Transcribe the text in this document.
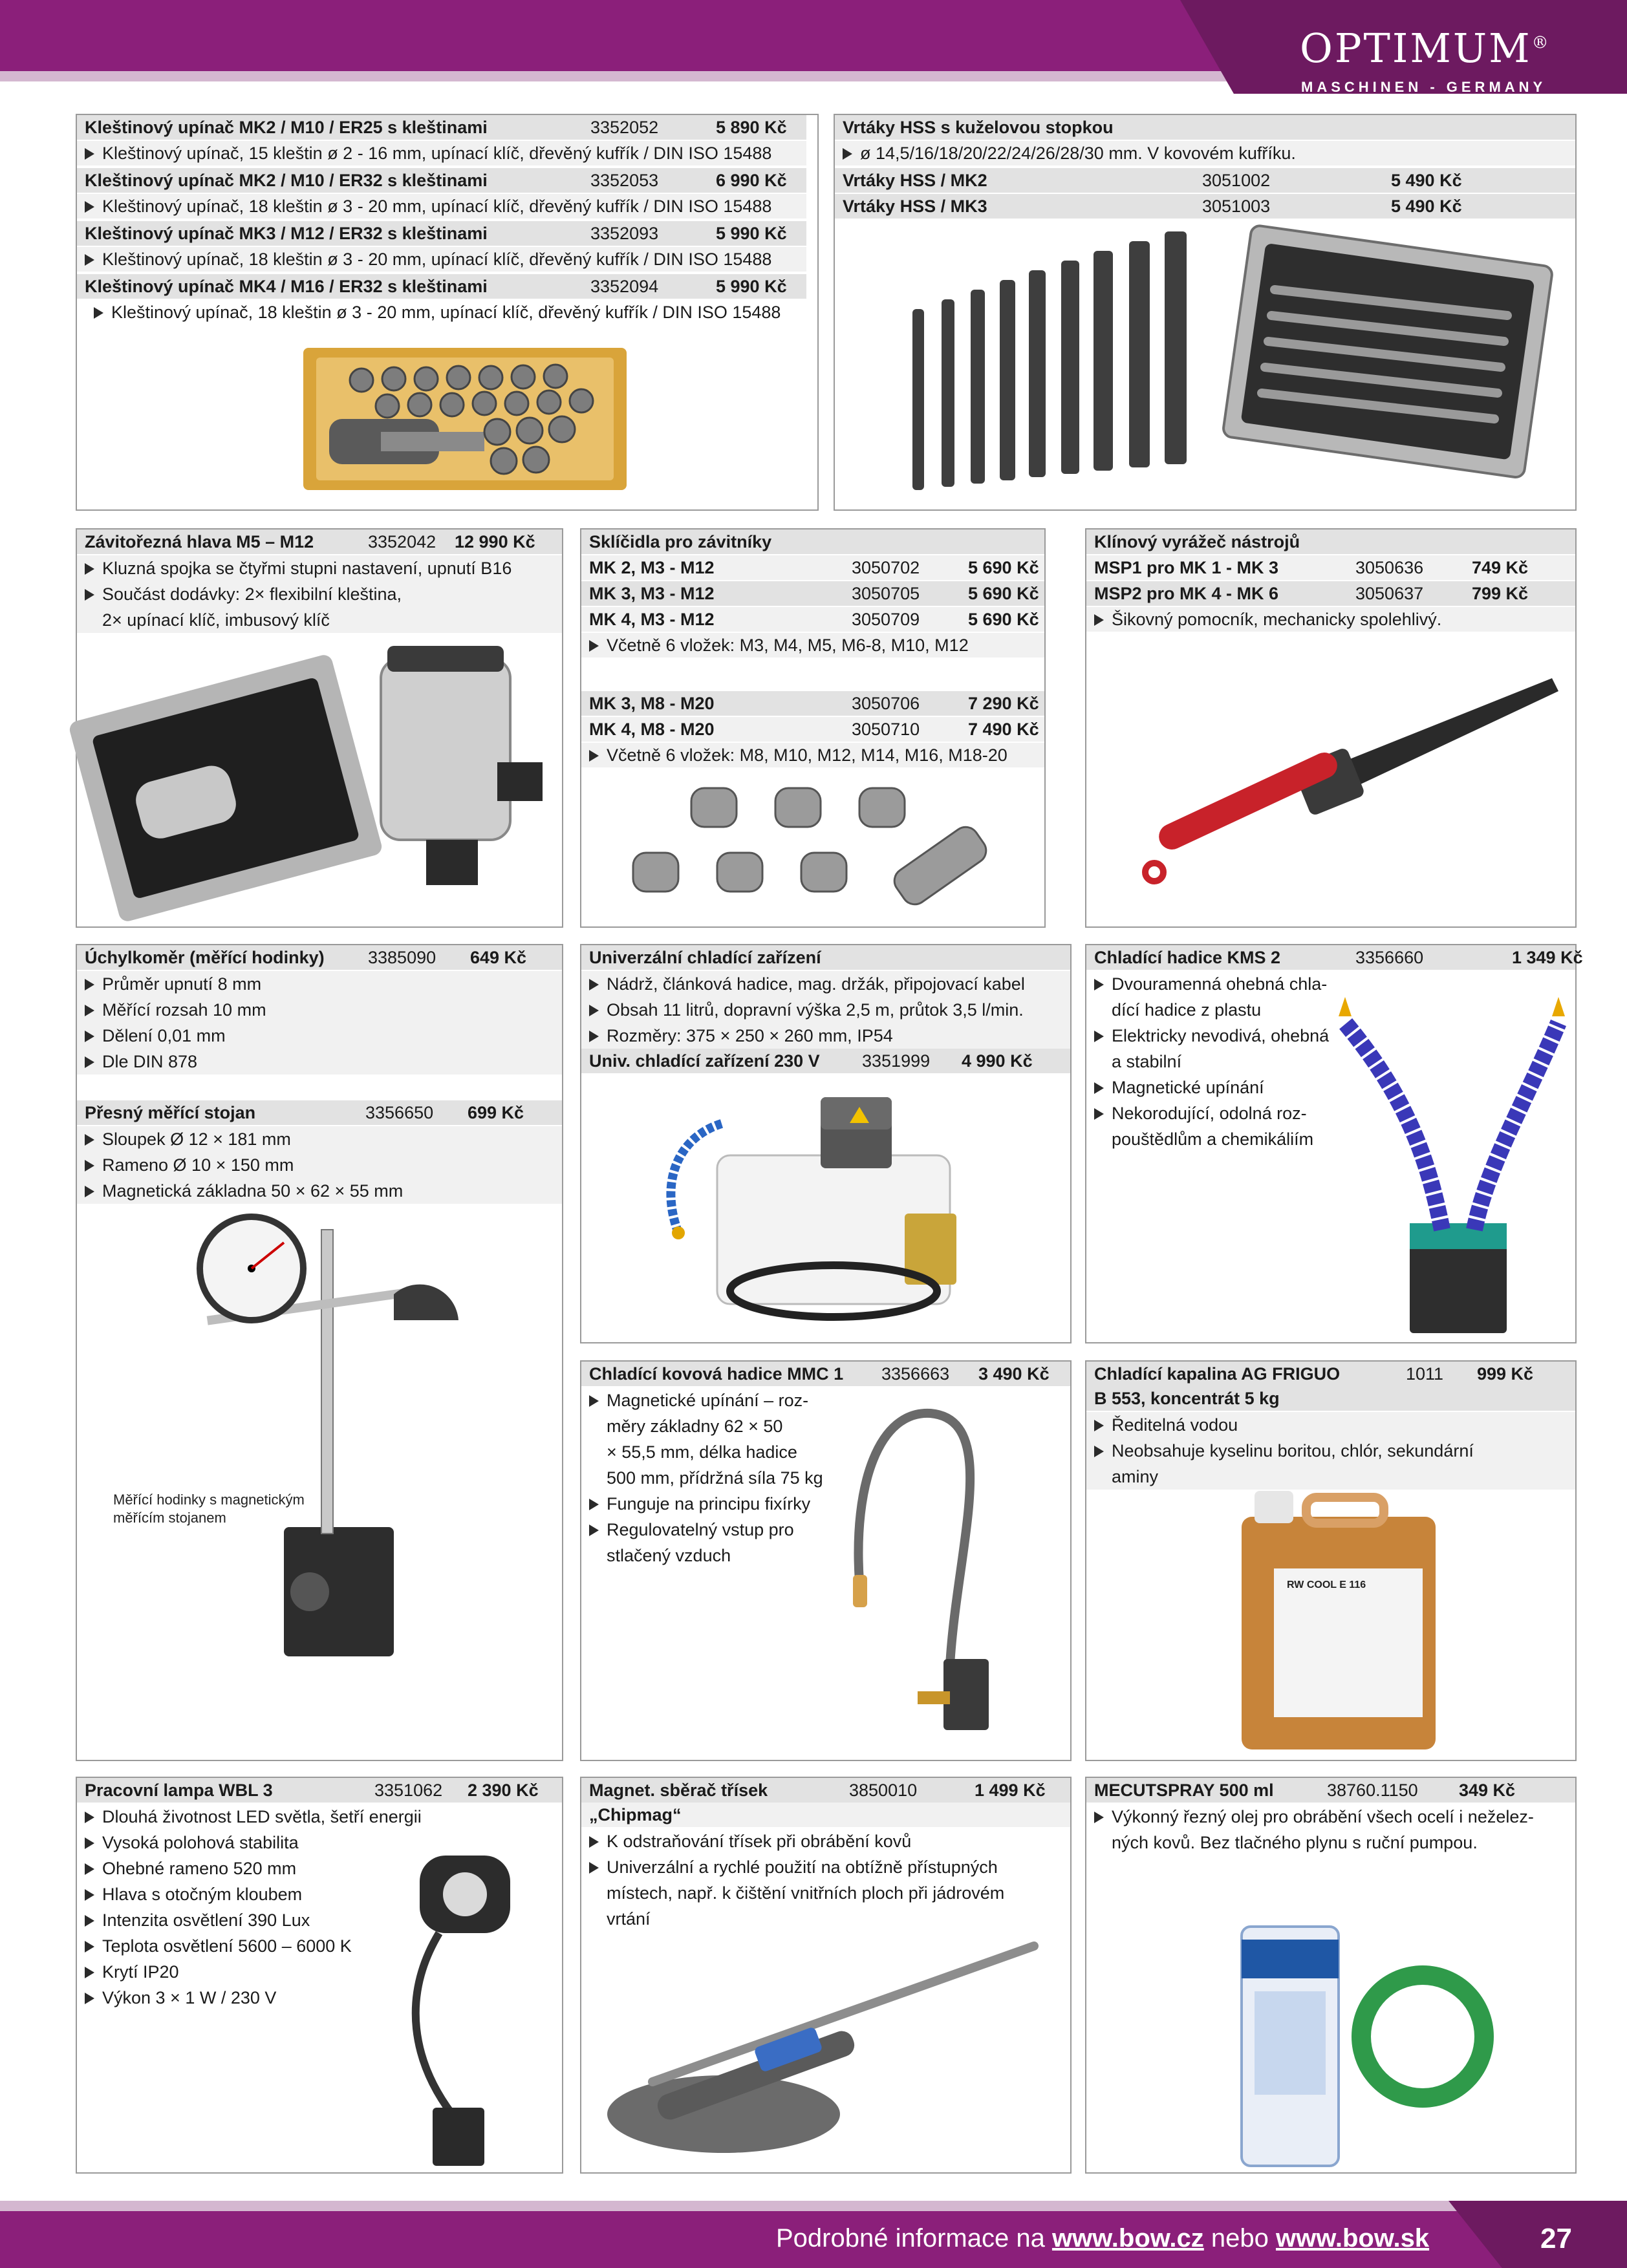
OPTIMUM®
MASCHINEN - GERMANY
Kleštinový upínač MK2 / M10 / ER25 s kleštinami	3352052	5 890 Kč
Kleštinový upínač, 15 kleštin ø 2 - 16 mm, upínací klíč, dřevěný kufřík / DIN ISO 15488
Kleštinový upínač MK2 / M10 / ER32 s kleštinami	3352053	6 990 Kč
Kleštinový upínač, 18 kleštin ø 3 - 20 mm, upínací klíč, dřevěný kufřík / DIN ISO 15488
Kleštinový upínač MK3 / M12 / ER32 s kleštinami	3352093	5 990 Kč
Kleštinový upínač, 18 kleštin ø 3 - 20 mm, upínací klíč, dřevěný kufřík / DIN ISO 15488
Kleštinový upínač MK4 / M16 / ER32 s kleštinami	3352094	5 990 Kč
Kleštinový upínač, 18 kleštin ø 3 - 20 mm, upínací klíč, dřevěný kufřík / DIN ISO 15488
Vrtáky HSS s kuželovou stopkou
ø 14,5/16/18/20/22/24/26/28/30 mm. V kovovém kufříku.
Vrtáky HSS / MK2	3051002	5 490 Kč
Vrtáky HSS / MK3	3051003	5 490 Kč
Závitořezná hlava M5 – M12	3352042 12 990 Kč
Kluzná spojka se čtyřmi stupni nastavení, upnutí B16
Součást dodávky: 2× flexibilní kleština,
2× upínací klíč, imbusový klíč
Sklíčidla pro závitníky
MK 2, M3 - M12	3050702	5 690 Kč
MK 3, M3 - M12	3050705	5 690 Kč
MK 4, M3 - M12	3050709	5 690 Kč
Včetně 6 vložek: M3, M4, M5, M6-8, M10, M12
MK 3, M8 - M20	3050706	7 290 Kč
MK 4, M8 - M20	3050710	7 490 Kč
Včetně 6 vložek: M8, M10, M12, M14, M16, M18-20
Klínový vyrážeč nástrojů
MSP1 pro MK 1 - MK 3	3050636	749 Kč
MSP2 pro MK 4 - MK 6	3050637	799 Kč
Šikovný pomocník, mechanicky spolehlivý.
Úchylkoměr (měřící hodinky) 3385090 649 Kč
Průměr upnutí 8 mm
Měřící rozsah 10 mm
Dělení 0,01 mm
Dle DIN 878
Přesný měřící stojan	3356650 699 Kč
Sloupek Ø 12 × 181 mm
Rameno Ø 10 × 150 mm
Magnetická základna 50 × 62 × 55 mm
Měřící hodinky s magnetickým
měřícím stojanem
Univerzální chladící zařízení
Nádrž, článková hadice, mag. držák, připojovací kabel
Obsah 11 litrů, dopravní výška 2,5 m, průtok 3,5 l/min.
Rozměry: 375 × 250 × 260 mm, IP54
Univ. chladící zařízení 230 V 3351999 4 990 Kč
Chladící hadice KMS 2	3356660	1 349 Kč
Dvouramenná ohebná chla-
dící hadice z plastu
Elektricky nevodivá, ohebná
a stabilní
Magnetické upínání
Nekorodující, odolná roz-
pouštědlům a chemikáliím
Chladící kovová hadice MMC 1 3356663 3 490 Kč
Magnetické upínání – roz-
měry základny 62 × 50
× 55,5 mm, délka hadice
500 mm, přídržná síla 75 kg
Funguje na principu fixírky
Regulovatelný vstup pro
stlačený vzduch
Chladící kapalina AG FRIGUO	1011 999 Kč
B 553, koncentrát 5 kg
Ředitelná vodou
Neobsahuje kyselinu boritou, chlór, sekundární
aminy
RW COOL E 116
Pracovní lampa WBL 3	3351062 2 390 Kč
Dlouhá životnost LED světla, šetří energii
Vysoká polohová stabilita
Ohebné rameno 520 mm
Hlava s otočným kloubem
Intenzita osvětlení 390 Lux
Teplota osvětlení 5600 – 6000 K
Krytí IP20
Výkon 3 × 1 W / 230 V
Magnet. sběrač třísek	3850010	1 499 Kč
„Chipmag“
K odstraňování třísek při obrábění kovů
Univerzální a rychlé použití na obtížně přístupných
místech, např. k čištění vnitřních ploch při jádrovém
vrtání
MECUTSPRAY 500 ml	38760.1150 349 Kč
Výkonný řezný olej pro obrábění všech ocelí i neželez-
ných kovů. Bez tlačného plynu s ruční pumpou.
Podrobné informace na www.bow.cz nebo www.bow.sk	27
